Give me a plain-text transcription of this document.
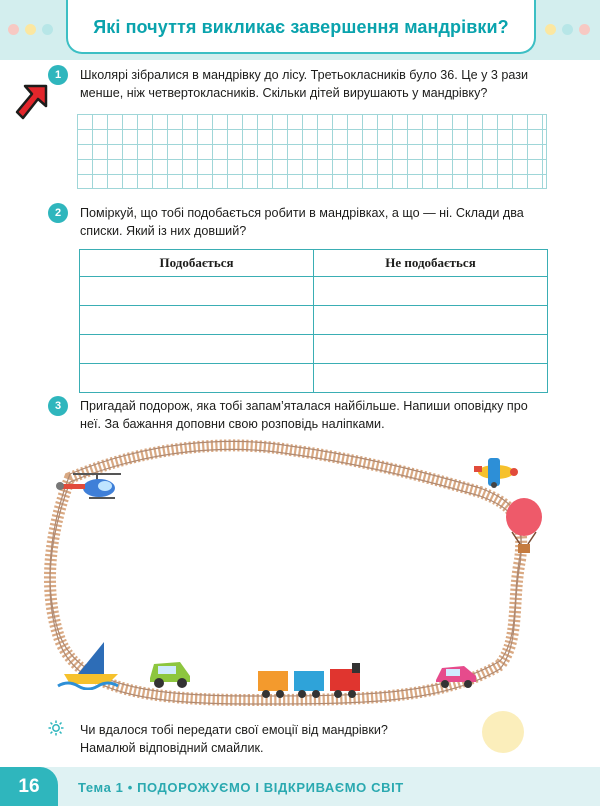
Які почуття викликає завершення мандрівки?
1	Школярі зібралися в мандрівку до лісу. Третьокласників було 36. Це у 3 рази менше, ніж четвертокласників. Скільки дітей вирушають у мандрівку?
2	Поміркуй, що тобі подобається робити в мандрівках, а що — ні. Склади два списки. Який із них довший?
Подобається	Не подобається

3	Пригадай подорож, яка тобі запам’яталася найбільше. Напиши оповідку про неї. За бажання доповни свою розповідь наліпками.
Чи вдалося тобі передати свої емоції від мандрівки? Намалюй відповідний смайлик.
16	Тема 1 • ПОДОРОЖУЄМО І ВІДКРИВАЄМО СВІТ
